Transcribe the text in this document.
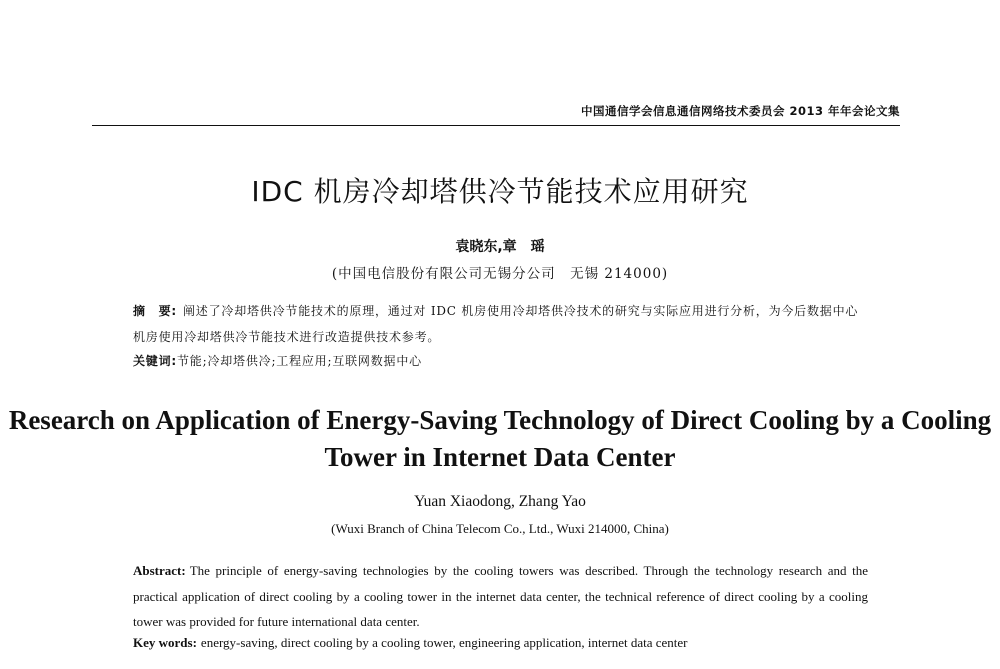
中国通信学会信息通信网络技术委员会 2013 年年会论文集
IDC 机房冷却塔供冷节能技术应用研究
袁晓东,章　瑶
(中国电信股份有限公司无锡分公司　无锡 214000)
摘　要: 阐述了冷却塔供冷节能技术的原理，通过对 IDC 机房使用冷却塔供冷技术的研究与实际应用进行分析，为今后数据中心机房使用冷却塔供冷节能技术进行改造提供技术参考。
关键词:节能;冷却塔供冷;工程应用;互联网数据中心
Research on Application of Energy-Saving Technology of Direct Cooling by a Cooling Tower in Internet Data Center
Yuan Xiaodong, Zhang Yao
(Wuxi Branch of China Telecom Co., Ltd., Wuxi 214000, China)
Abstract: The principle of energy-saving technologies by the cooling towers was described. Through the technology research and the practical application of direct cooling by a cooling tower in the internet data center, the technical reference of direct cooling by a cooling tower was provided for future international data center.
Key words: energy-saving, direct cooling by a cooling tower, engineering application, internet data center
